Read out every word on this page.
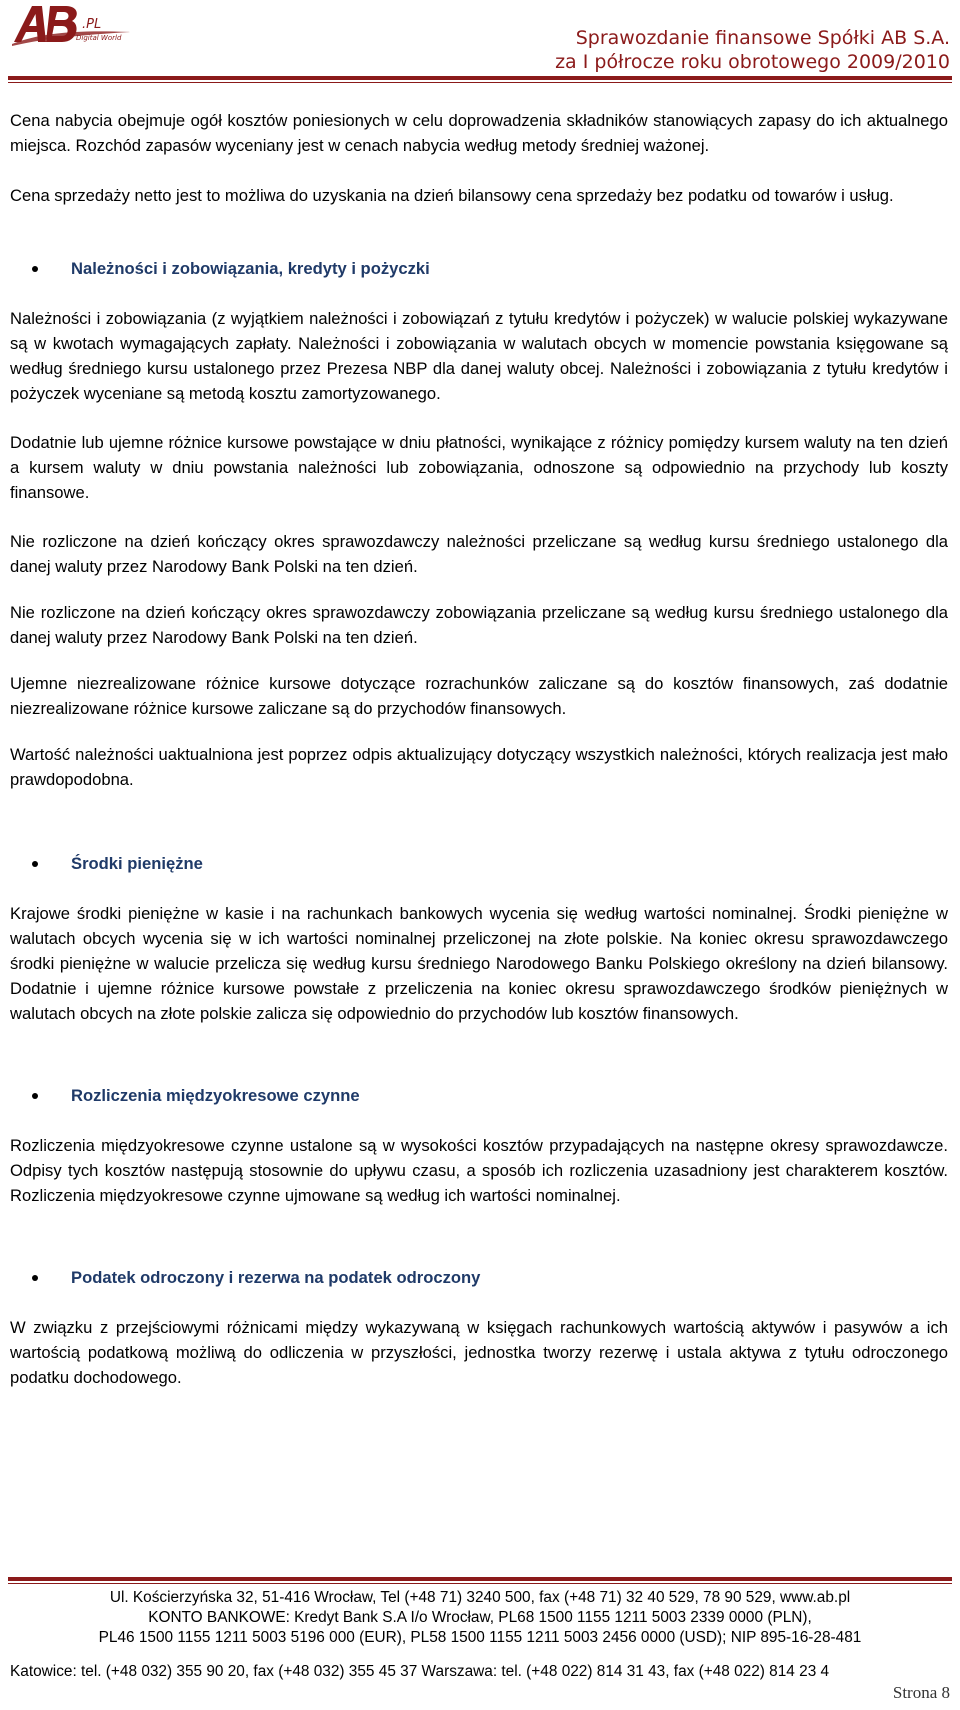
.PL
Digital World	Sprawozdanie finansowe Spółki AB S.A.
za I półrocze roku obrotowego 2009/2010

Cena nabycia obejmuje ogół kosztów poniesionych w celu doprowadzenia składników stanowiących zapasy do ich aktualnego miejsca. Rozchód zapasów wyceniany jest w cenach nabycia według metody średniej ważonej.

Cena sprzedaży netto jest to możliwa do uzyskania na dzień bilansowy cena sprzedaży bez podatku od towarów i usług.

Należności i zobowiązania, kredyty i pożyczki

Należności i zobowiązania (z wyjątkiem należności i zobowiązań z tytułu kredytów i pożyczek) w walucie polskiej wykazywane są w kwotach wymagających zapłaty. Należności i zobowiązania w walutach obcych w momencie powstania księgowane są według średniego kursu ustalonego przez Prezesa NBP dla danej waluty obcej. Należności i zobowiązania z tytułu kredytów i pożyczek wyceniane są metodą kosztu zamortyzowanego.

Dodatnie lub ujemne różnice kursowe powstające w dniu płatności, wynikające z różnicy pomiędzy kursem waluty na ten dzień a kursem waluty w dniu powstania należności lub zobowiązania, odnoszone są odpowiednio na przychody lub koszty finansowe.

Nie rozliczone na dzień kończący okres sprawozdawczy należności przeliczane są według kursu średniego ustalonego dla danej waluty przez Narodowy Bank Polski na ten dzień.

Nie rozliczone na dzień kończący okres sprawozdawczy zobowiązania przeliczane są według kursu średniego ustalonego dla danej waluty przez Narodowy Bank Polski na ten dzień.

Ujemne niezrealizowane różnice kursowe dotyczące rozrachunków zaliczane są do kosztów finansowych, zaś dodatnie niezrealizowane różnice kursowe zaliczane są do przychodów finansowych.

Wartość należności uaktualniona jest poprzez odpis aktualizujący dotyczący wszystkich należności, których realizacja jest mało prawdopodobna.

Środki pieniężne

Krajowe środki pieniężne w kasie i na rachunkach bankowych wycenia się według wartości nominalnej. Środki pieniężne w walutach obcych wycenia się w ich wartości nominalnej przeliczonej na złote polskie. Na koniec okresu sprawozdawczego środki pieniężne w walucie przelicza się według kursu średniego Narodowego Banku Polskiego określony na dzień bilansowy. Dodatnie i ujemne różnice kursowe powstałe z przeliczenia na koniec okresu sprawozdawczego środków pieniężnych w walutach obcych na złote polskie zalicza się odpowiednio do przychodów lub kosztów finansowych.

Rozliczenia międzyokresowe czynne

Rozliczenia międzyokresowe czynne ustalone są w wysokości kosztów przypadających na następne okresy sprawozdawcze. Odpisy tych kosztów następują stosownie do upływu czasu, a sposób ich rozliczenia uzasadniony jest charakterem kosztów. Rozliczenia międzyokresowe czynne ujmowane są według ich wartości nominalnej.

Podatek odroczony i rezerwa na podatek odroczony

W związku z przejściowymi różnicami między wykazywaną w księgach rachunkowych wartością aktywów i pasywów a ich wartością podatkową możliwą do odliczenia w przyszłości, jednostka tworzy rezerwę i ustala aktywa z tytułu odroczonego podatku dochodowego.

Ul. Kościerzyńska 32, 51-416 Wrocław, Tel (+48 71) 3240 500, fax (+48 71) 32 40 529, 78 90 529, www.ab.pl
KONTO BANKOWE: Kredyt Bank S.A I/o Wrocław, PL68 1500 1155 1211 5003 2339 0000 (PLN),
PL46 1500 1155 1211 5003 5196 000 (EUR), PL58 1500 1155 1211 5003 2456 0000 (USD); NIP 895-16-28-481
Katowice: tel. (+48 032) 355 90 20, fax (+48 032) 355 45 37 Warszawa: tel. (+48 022) 814 31 43, fax (+48 022) 814 23 4
Strona 8
